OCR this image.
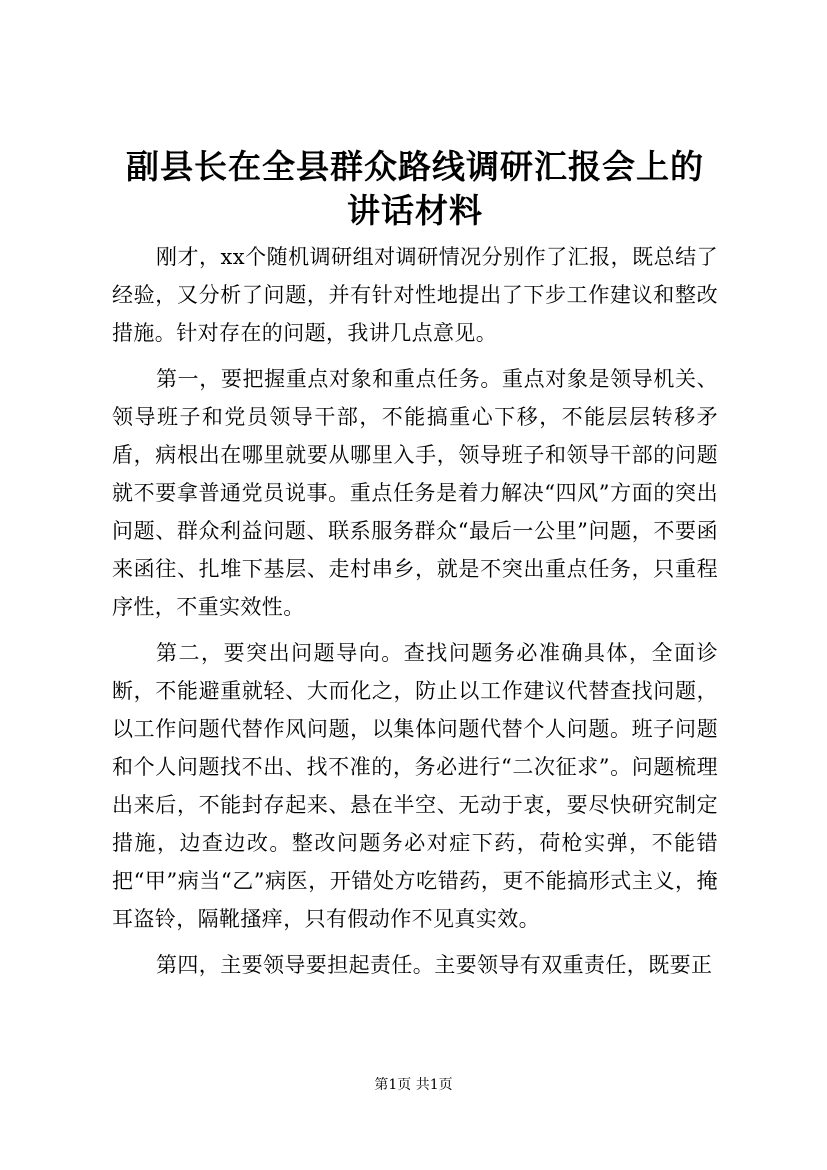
副县长在全县群众路线调研汇报会上的讲话材料

刚才，xx个随机调研组对调研情况分别作了汇报，既总结了经验，又分析了问题，并有针对性地提出了下步工作建议和整改措施。针对存在的问题，我讲几点意见。

第一，要把握重点对象和重点任务。重点对象是领导机关、领导班子和党员领导干部，不能搞重心下移，不能层层转移矛盾，病根出在哪里就要从哪里入手，领导班子和领导干部的问题就不要拿普通党员说事。重点任务是着力解决“四风”方面的突出问题、群众利益问题、联系服务群众“最后一公里”问题，不要函来函往、扎堆下基层、走村串乡，就是不突出重点任务，只重程序性，不重实效性。

第二，要突出问题导向。查找问题务必准确具体，全面诊断，不能避重就轻、大而化之，防止以工作建议代替查找问题，以工作问题代替作风问题，以集体问题代替个人问题。班子问题和个人问题找不出、找不准的，务必进行“二次征求”。问题梳理出来后，不能封存起来、悬在半空、无动于衷，要尽快研究制定措施，边查边改。整改问题务必对症下药，荷枪实弹，不能错把“甲”病当“乙”病医，开错处方吃错药，更不能搞形式主义，掩耳盗铃，隔靴搔痒，只有假动作不见真实效。

第四，主要领导要担起责任。主要领导有双重责任，既要正

第1页 共1页
